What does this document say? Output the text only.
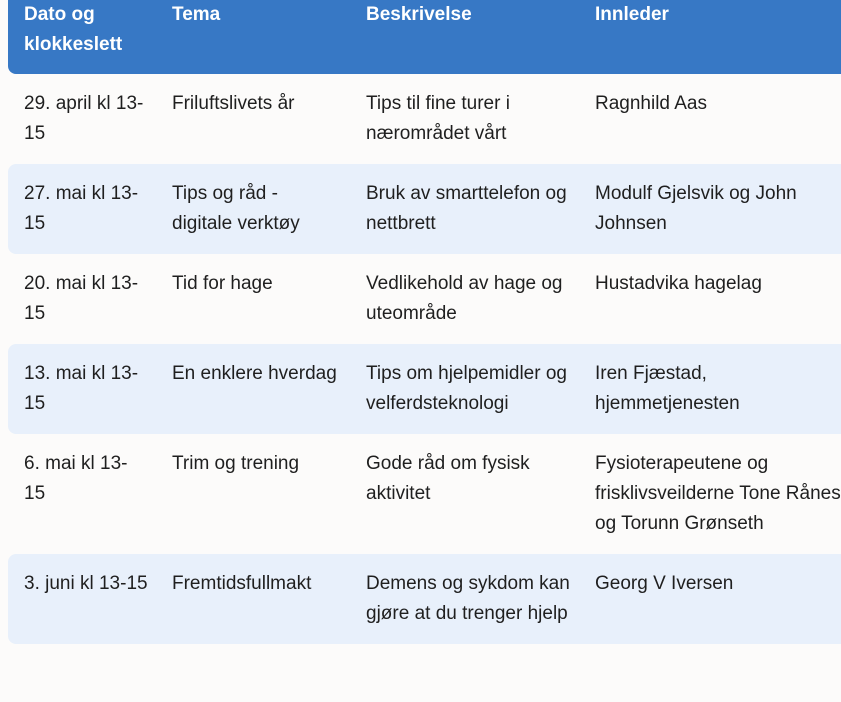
Dato og klokkeslett	Tema	Beskrivelse	Innleder
29. april kl 13-15	Friluftslivets år	Tips til fine turer i nærområdet vårt	Ragnhild Aas
27. mai kl 13-15	Tips og råd - digitale verktøy	Bruk av smarttelefon og nettbrett	Modulf Gjelsvik og John Johnsen
20. mai kl 13-15	Tid for hage	Vedlikehold av hage og uteområde	Hustadvika hagelag
13. mai kl 13-15	En enklere hverdag	Tips om hjelpemidler og velferdsteknologi	Iren Fjæstad, hjemmetjenesten
6. mai kl 13-15	Trim og trening	Gode råd om fysisk aktivitet	Fysioterapeutene og frisklivsveilderne Tone Rånes og Torunn Grønseth
3. juni kl 13-15	Fremtidsfullmakt	Demens og sykdom kan gjøre at du trenger hjelp	Georg V Iversen
